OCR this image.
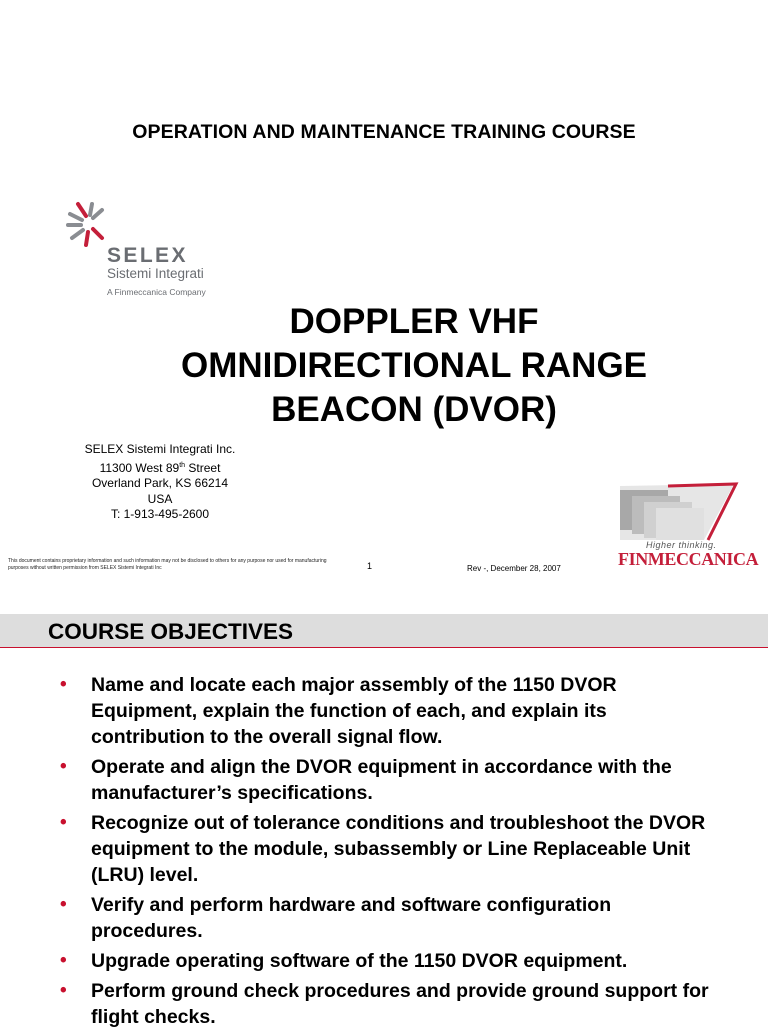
OPERATION AND MAINTENANCE TRAINING COURSE
SELEX
Sistemi Integrati
A Finmeccanica Company
DOPPLER VHF
OMNIDIRECTIONAL RANGE
BEACON (DVOR)
SELEX Sistemi Integrati Inc.
11300 West 89th Street
Overland Park, KS 66214
USA
T: 1-913-495-2600
Higher thinking.
FINMECCANICA
This document contains proprietary information and such information may not be disclosed to others for any purpose nor used for manufacturing purposes without written permission from SELEX Sistemi Integrati Inc	1	Rev -, December 28, 2007
COURSE OBJECTIVES
• Name and locate each major assembly of the 1150 DVOR Equipment, explain the function of each, and explain its contribution to the overall signal flow.
• Operate and align the DVOR equipment in accordance with the manufacturer’s specifications.
• Recognize out of tolerance conditions and troubleshoot the DVOR equipment to the module, subassembly or Line Replaceable Unit (LRU) level.
• Verify and perform hardware and software configuration procedures.
• Upgrade operating software of the 1150 DVOR equipment.
• Perform ground check procedures and provide ground support for flight checks.
